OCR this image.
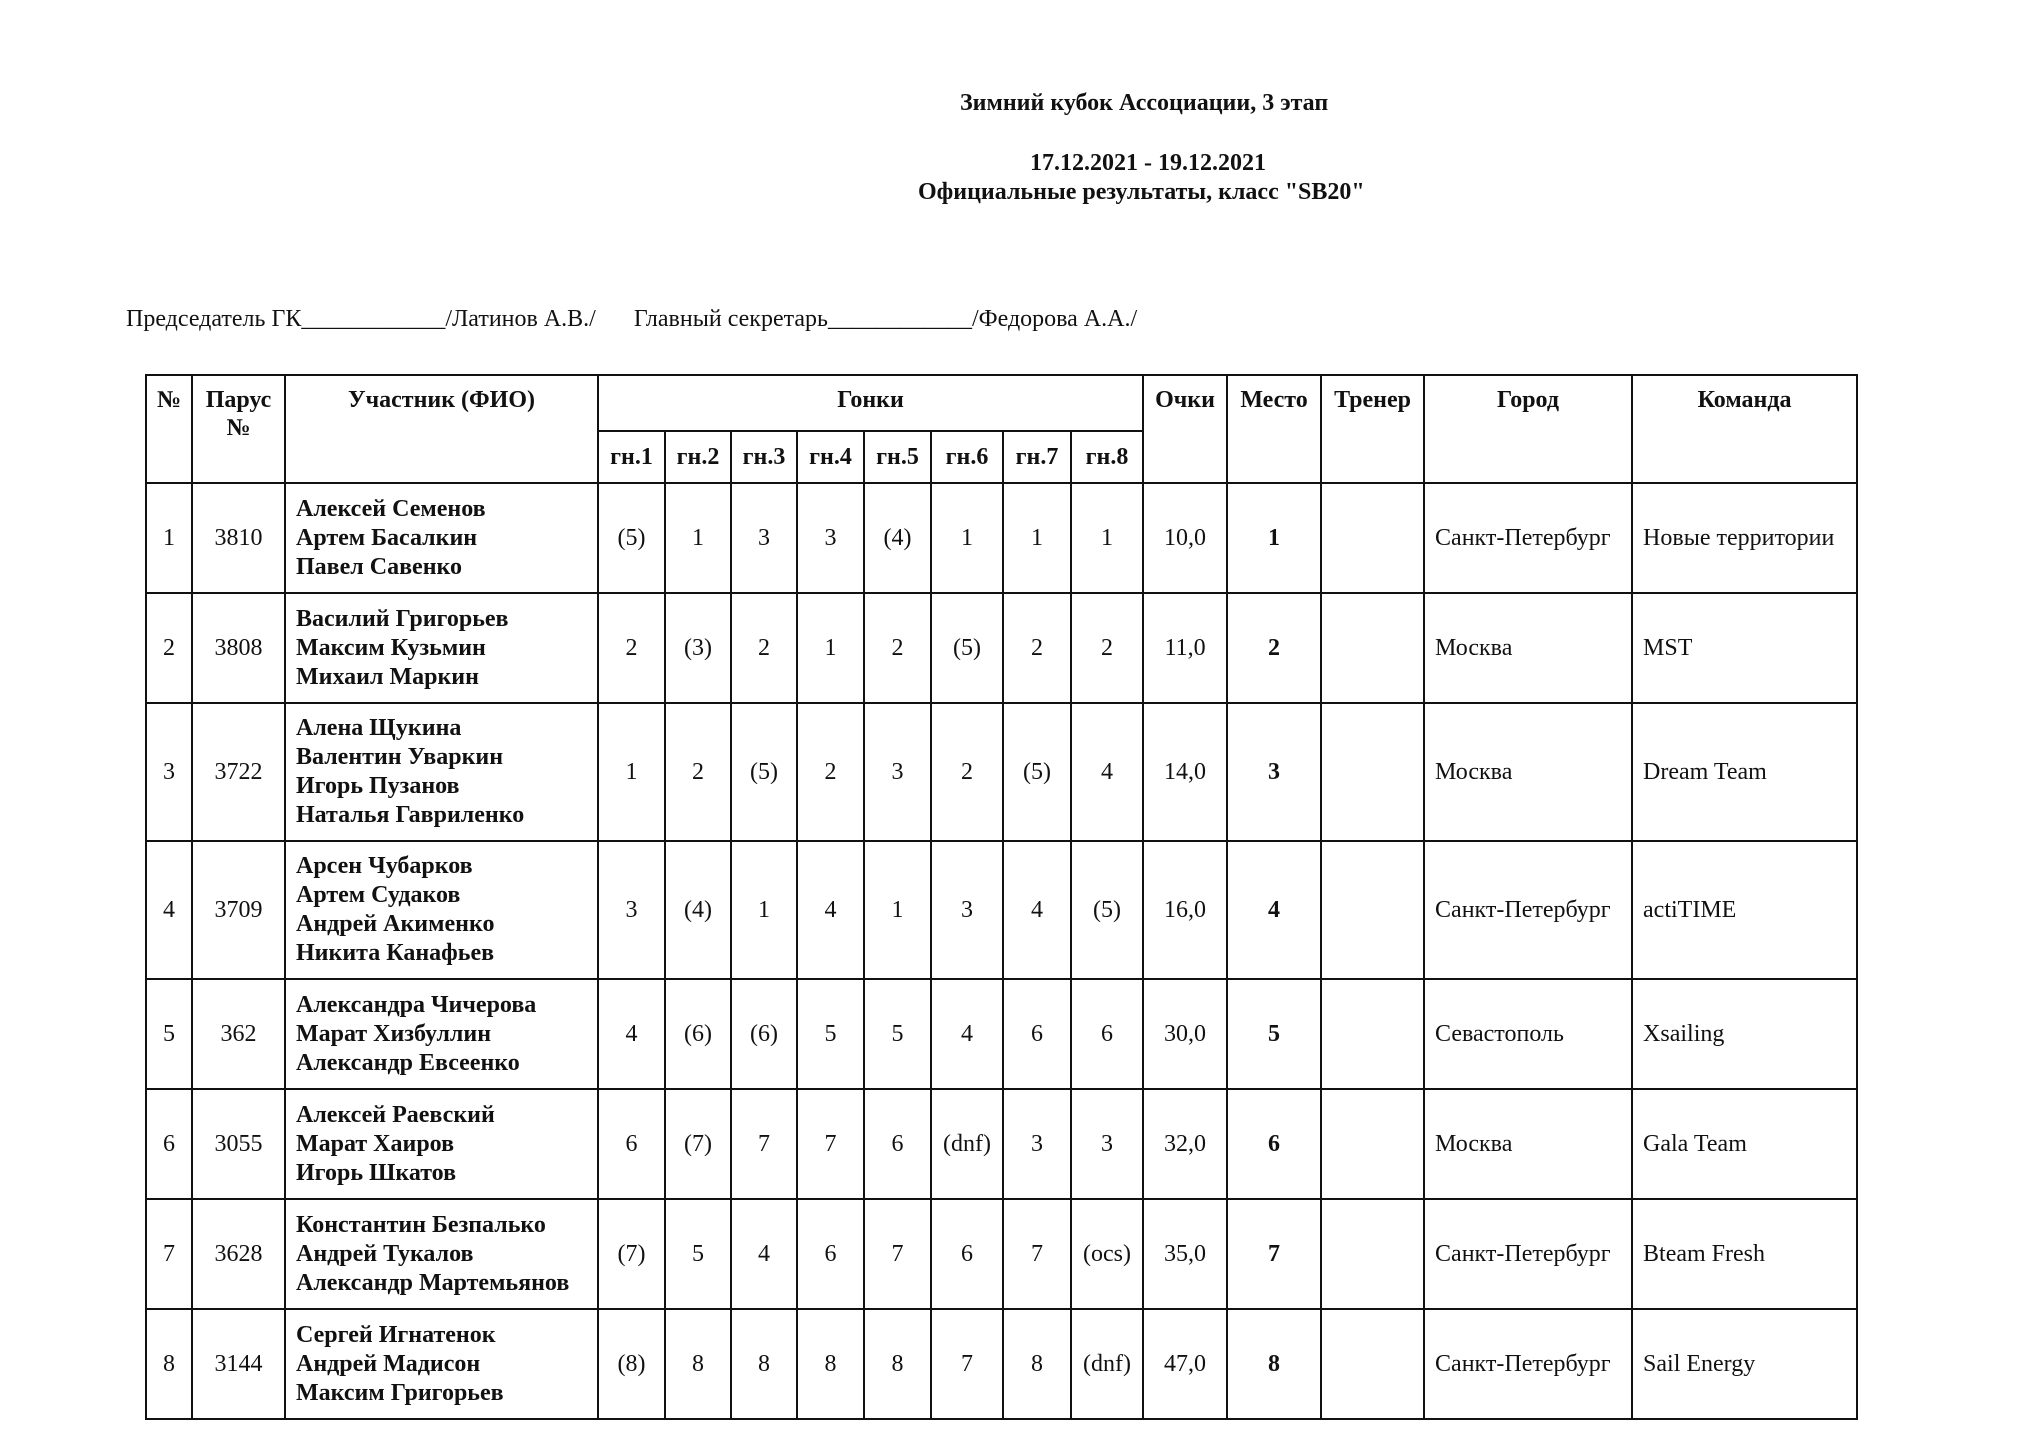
Зимний кубок Ассоциации, 3 этап
17.12.2021 - 19.12.2021
Официальные результаты, класс "SB20"
Председатель ГК____________/Латинов А.В./ Главный секретарь____________/Федорова А.А./
№	Парус
№	Участник (ФИО)	Гонки								Очки	Место	Тренер	Город	Команда
			гн.1	гн.2	гн.3	гн.4	гн.5	гн.6	гн.7	гн.8					
1	3810	Алексей Семенов
Артем Басалкин
Павел Савенко	(5)	1	3	3	(4)	1	1	1	10,0	1		Санкт-Петербург	Новые территории
2	3808	Василий Григорьев
Максим Кузьмин
Михаил Маркин	2	(3)	2	1	2	(5)	2	2	11,0	2		Москва	MST
3	3722	Алена Щукина
Валентин Уваркин
Игорь Пузанов
Наталья Гавриленко	1	2	(5)	2	3	2	(5)	4	14,0	3		Москва	Dream Team
4	3709	Арсен Чубарков
Артем Судаков
Андрей Акименко
Никита Канафьев	3	(4)	1	4	1	3	4	(5)	16,0	4		Санкт-Петербург	actiTIME
5	362	Александра Чичерова
Марат Хизбуллин
Александр Евсеенко	4	(6)	(6)	5	5	4	6	6	30,0	5		Севастополь	Xsailing
6	3055	Алексей Раевский
Марат Хаиров
Игорь Шкатов	6	(7)	7	7	6	(dnf)	3	3	32,0	6		Москва	Gala Team
7	3628	Константин Безпалько
Андрей Тукалов
Александр Мартемьянов	(7)	5	4	6	7	6	7	(ocs)	35,0	7		Санкт-Петербург	Bteam Fresh
8	3144	Сергей Игнатенок
Андрей Мадисон
Максим Григорьев	(8)	8	8	8	8	7	8	(dnf)	47,0	8		Санкт-Петербург	Sail Energy
